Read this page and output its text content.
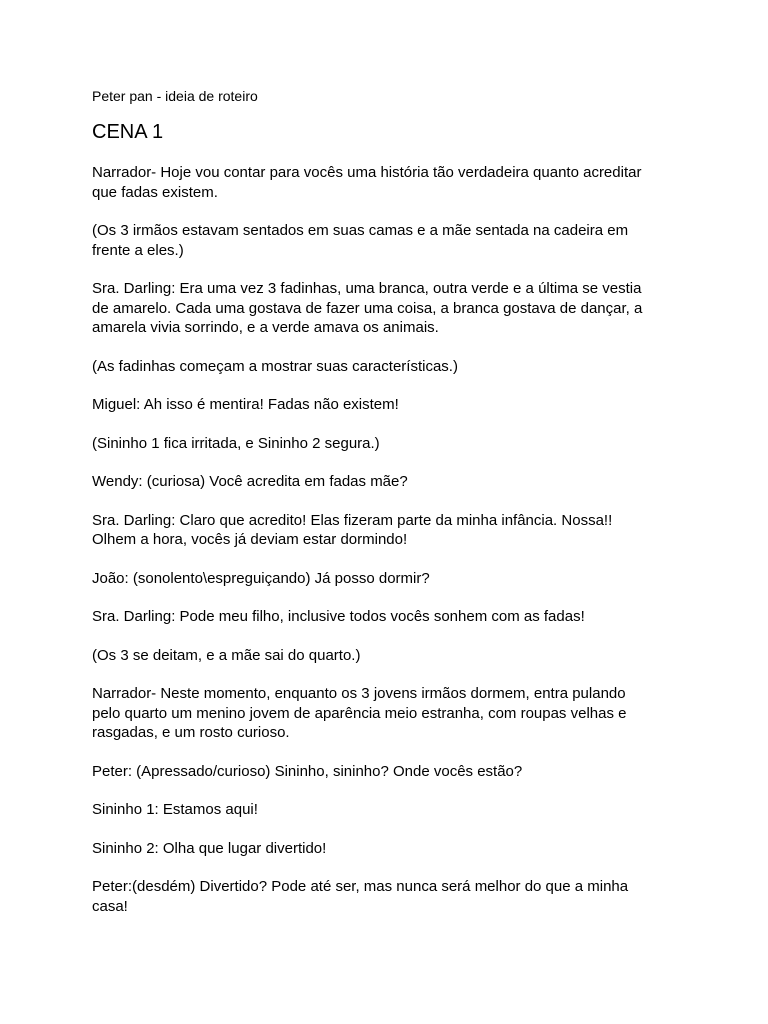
Peter pan - ideia de roteiro
CENA 1

Narrador- Hoje vou contar para vocês uma história tão verdadeira quanto acreditar
que fadas existem.

(Os 3 irmãos estavam sentados em suas camas e a mãe sentada na cadeira em
frente a eles.)

Sra. Darling: Era uma vez 3 fadinhas, uma branca, outra verde e a última se vestia
de amarelo. Cada uma gostava de fazer uma coisa, a branca gostava de dançar, a
amarela vivia sorrindo, e a verde amava os animais.

(As fadinhas começam a mostrar suas características.)

Miguel: Ah isso é mentira! Fadas não existem!

(Sininho 1 fica irritada, e Sininho 2 segura.)

Wendy: (curiosa) Você acredita em fadas mãe?

Sra. Darling: Claro que acredito! Elas fizeram parte da minha infância. Nossa!!
Olhem a hora, vocês já deviam estar dormindo!

João: (sonolento\espreguiçando) Já posso dormir?

Sra. Darling: Pode meu filho, inclusive todos vocês sonhem com as fadas!

(Os 3 se deitam, e a mãe sai do quarto.)

Narrador- Neste momento, enquanto os 3 jovens irmãos dormem, entra pulando
pelo quarto um menino jovem de aparência meio estranha, com roupas velhas e
rasgadas, e um rosto curioso.

Peter: (Apressado/curioso) Sininho, sininho? Onde vocês estão?

Sininho 1: Estamos aqui!

Sininho 2: Olha que lugar divertido!

Peter:(desdém) Divertido? Pode até ser, mas nunca será melhor do que a minha
casa!
